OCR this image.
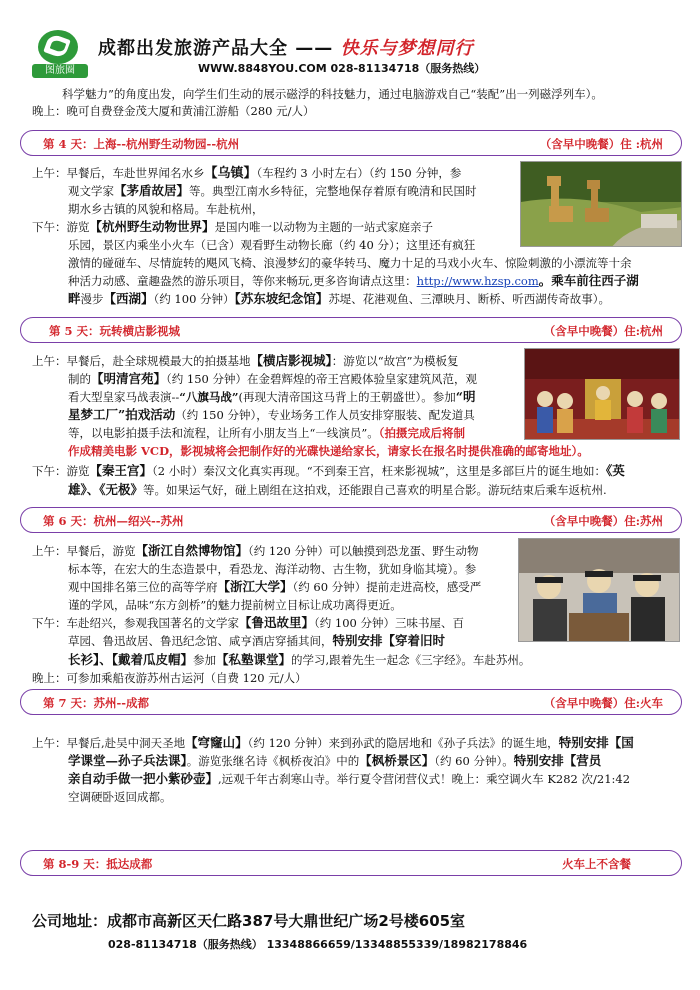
图旅圈
成都出发旅游产品大全 —— 快乐与梦想同行
WWW.8848YOU.COM 028-81134718（服务热线）

科学魅力”的角度出发，向学生们生动的展示磁浮的科技魅力，通过电脑游戏自己“装配”出一列磁浮列车）。

晚上：晚可自费登金茂大厦和黄浦江游船（280 元/人）

第 4 天：上海--杭州野生动物园--杭州	（含早中晚餐）住 :杭州

上午：早餐后，车赴世界闻名水乡【乌镇】（车程约 3 小时左右）（约 150 分钟，参

观文学家【茅盾故居】等。典型江南水乡特征，完整地保存着原有晚清和民国时

期水乡古镇的风貌和格局。车赴杭州，

下午：游览【杭州野生动物世界】是国内唯一以动物为主题的一站式家庭亲子

乐园，景区内乘坐小火车（已含）观看野生动物长廊（约 40 分）；这里还有疯狂

激情的碰碰车、尽情旋转的飓风飞椅、浪漫梦幻的豪华转马、魔力十足的马戏小火车、惊险刺激的小漂流等十余

种活力动感、童趣盎然的游乐项目，等你来畅玩,更多咨询请点这里：http://www.hzsp.com。乘车前往西子湖

畔漫步【西湖】（约 100 分钟）【苏东坡纪念馆】苏堤、花港观鱼、三潭映月、断桥、听西湖传奇故事）。

第 5 天：玩转横店影视城	（含早中晚餐）住:杭州

上午：早餐后，赴全球规模最大的拍摄基地【横店影视城】：游览以“故宫”为模板复

制的【明清宫苑】（约 150 分钟）在金碧辉煌的帝王宫殿体验皇家建筑风范，观

看大型皇家马战表演--“八旗马战”(再现大清帝国这马背上的王朝盛世）。参加“明

星梦工厂”拍戏活动（约 150 分钟），专业场务工作人员安排穿服装、配发道具

等，以电影拍摄手法和流程，让所有小朋友当上“一线演员”。（拍摄完成后将制

作成精美电影 VCD，影视城将会把制作好的光碟快递给家长，请家长在报名时提供准确的邮寄地址）。

下午：游览【秦王宫】（2 小时）秦汉文化真实再现。“不到秦王宫，枉来影视城”，这里是多部巨片的诞生地如：《英

雄》、《无极》等。如果运气好，碰上剧组在这拍戏，还能跟自己喜欢的明星合影。游玩结束后乘车返杭州.

第 6 天：杭州—绍兴--苏州	（含早中晚餐）住:苏州

上午：早餐后，游览【浙江自然博物馆】（约 120 分钟）可以触摸到恐龙蛋、野生动物

标本等，在宏大的生态造景中，看恐龙、海洋动物、古生物，犹如身临其境）。参

观中国排名第三位的高等学府【浙江大学】（约 60 分钟）提前走进高校，感受严

谨的学风，品味“东方剑桥”的魅力提前树立目标让成功离得更近。

下午：车赴绍兴，参观我国著名的文学家【鲁迅故里】（约 100 分钟）三味书屋、百

草园、鲁迅故居、鲁迅纪念馆、咸亨酒店穿插其间，特别安排【穿着旧时

长衫】、【戴着瓜皮帽】参加【私塾课堂】的学习,跟着先生一起念《三字经》。车赴苏州。

晚上：可参加乘船夜游苏州古运河（自费 120 元/人）

第 7 天：苏州--成都	（含早中晚餐）住:火车

上午：早餐后,赴吴中洞天圣地【穹窿山】（约 120 分钟）来到孙武的隐居地和《孙子兵法》的诞生地，特别安排【国

学课堂—孙子兵法课】。游览张继名诗《枫桥夜泊》中的【枫桥景区】（约 60 分钟）。特别安排【营员

亲自动手做一把小紫砂壶】,远观千年古刹寒山寺。举行夏令营闭营仪式！晚上：乘空调火车 K282 次/21:42

空调硬卧返回成都。

第 8-9 天：抵达成都	火车上不含餐
公司地址：成都市高新区天仁路387号大鼎世纪广场2号楼605室
028-81134718（服务热线） 13348866659/13348855339/18982178846
